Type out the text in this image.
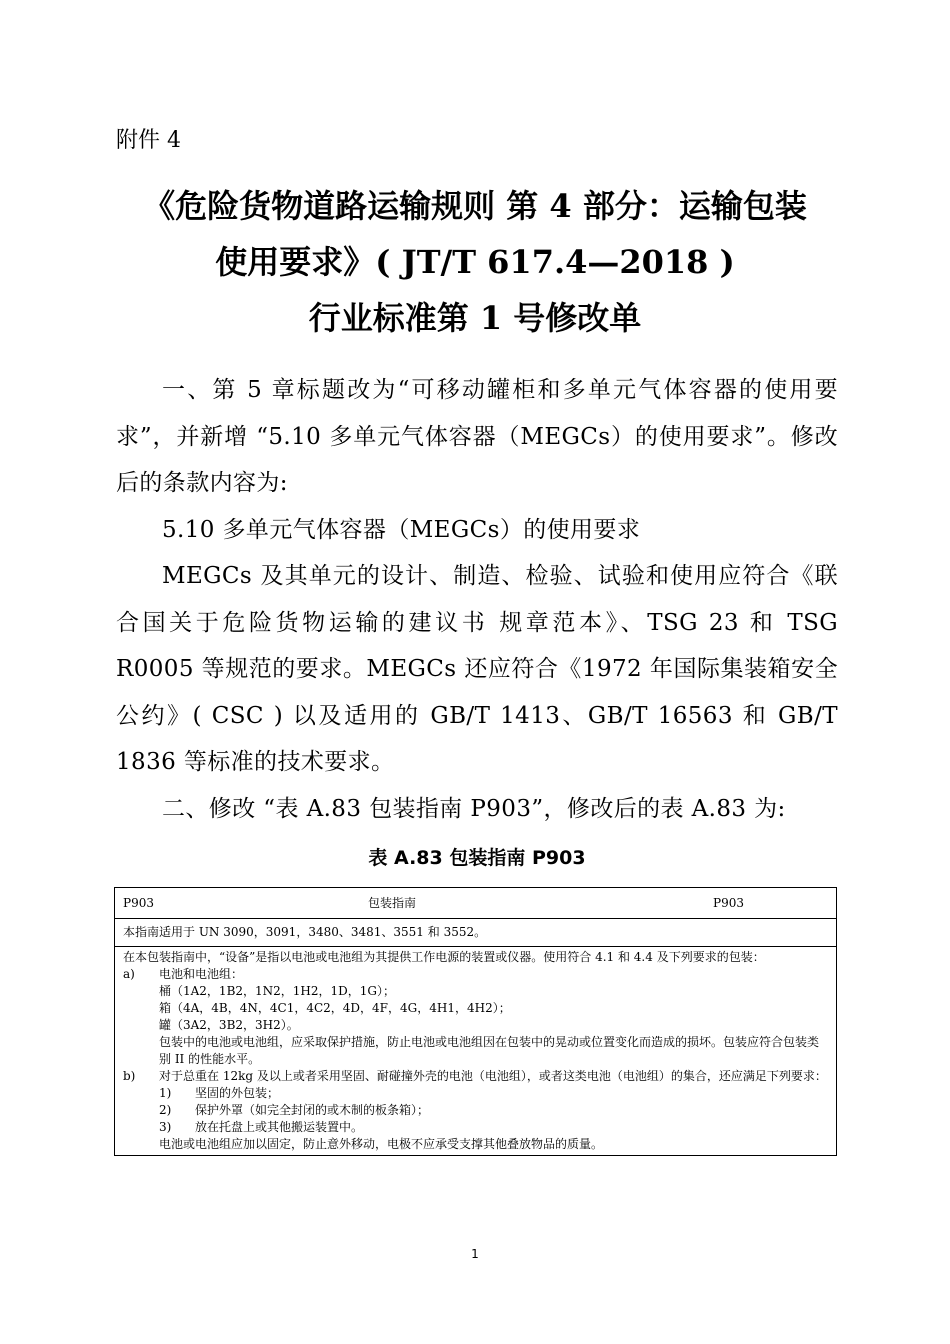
附件 4
《危险货物道路运输规则 第 4 部分：运输包装
使用要求》( JT/T 617.4—2018 )
行业标准第 1 号修改单

一、第 5 章标题改为“可移动罐柜和多单元气体容器的使用要求”，并新增 “5.10 多单元气体容器（MEGCs）的使用要求”。修改后的条款内容为:

5.10 多单元气体容器（MEGCs）的使用要求

MEGCs 及其单元的设计、制造、检验、试验和使用应符合《联合国关于危险货物运输的建议书 规章范本》、TSG 23 和 TSG R0005 等规范的要求。MEGCs 还应符合《1972 年国际集装箱安全公约》( CSC ) 以及适用的 GB/T 1413、GB/T 16563 和 GB/T 1836 等标准的技术要求。

二、修改 “表 A.83 包装指南 P903”，修改后的表 A.83 为:

表 A.83 包装指南 P903
P903	包装指南	P903

本指南适用于 UN 3090，3091，3480、3481、3551 和 3552。

在本包装指南中，“设备”是指以电池或电池组为其提供工作电源的装置或仪器。使用符合 4.1 和 4.4 及下列要求的包装：
a)	电池和电池组：
桶（1A2，1B2，1N2，1H2，1D，1G）；
箱（4A，4B，4N，4C1，4C2，4D，4F，4G，4H1，4H2）；
罐（3A2，3B2，3H2）。
包装中的电池或电池组，应采取保护措施，防止电池或电池组因在包装中的晃动或位置变化而造成的损坏。包装应符合包装类别 II 的性能水平。
b)	对于总重在 12kg 及以上或者采用坚固、耐碰撞外壳的电池（电池组），或者这类电池（电池组）的集合，还应满足下列要求：
1)	坚固的外包装；
2)	保护外罩（如完全封闭的或木制的板条箱）；
3)	放在托盘上或其他搬运装置中。
电池或电池组应加以固定，防止意外移动，电极不应承受支撑其他叠放物品的质量。
1
